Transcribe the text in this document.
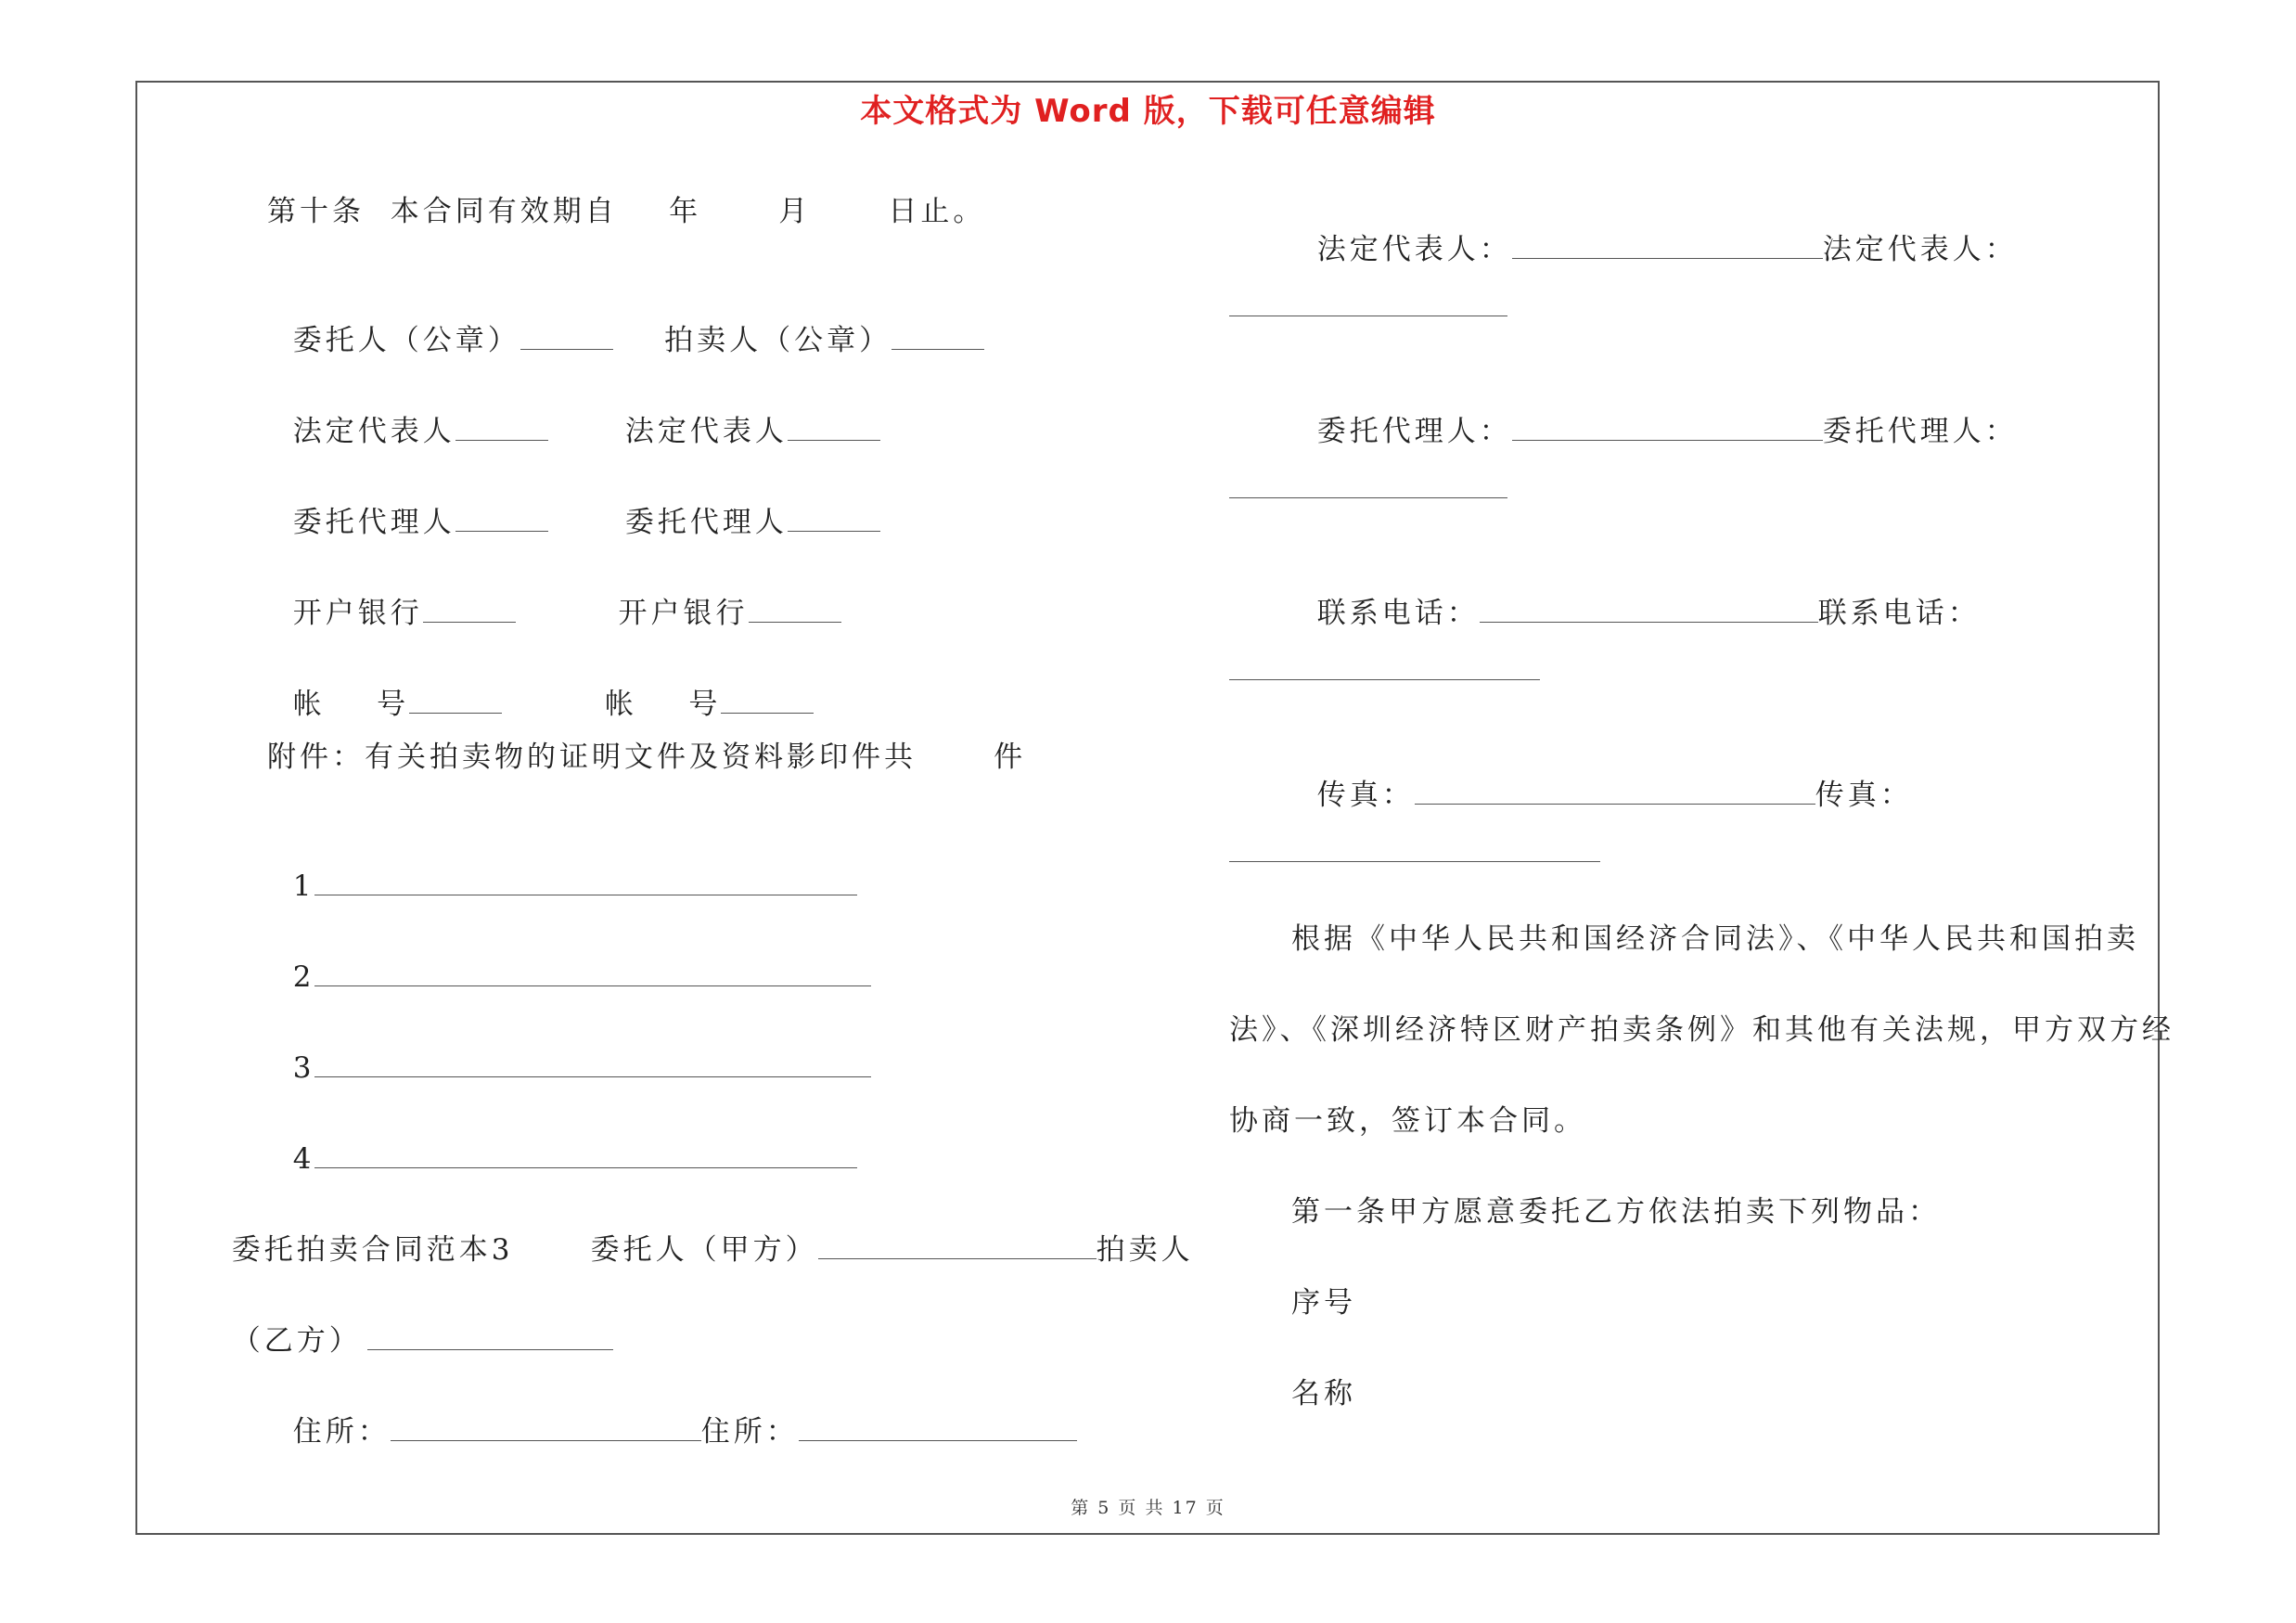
本文格式为 Word 版，下载可任意编辑
第十条  本合同有效期自    年      月      日止。

委托人（公章）	拍卖人（公章）

法定代表人	法定代表人

委托代理人	委托代理人

开户银行	开户银行

帐    号	帐    号

附件：有关拍卖物的证明文件及资料影印件共      件

1

2

3

4

委托拍卖合同范本3      委托人（甲方）	拍卖人

（乙方）

住所：	住所：

法定代表人：	法定代表人：

委托代理人：	委托代理人：

联系电话：	联系电话：

传真：	传真：

根据《中华人民共和国经济合同法》、《中华人民共和国拍卖
法》、《深圳经济特区财产拍卖条例》和其他有关法规，甲方双方经
协商一致，签订本合同。
第一条甲方愿意委托乙方依法拍卖下列物品：
序号
名称
第 5 页 共 17 页
